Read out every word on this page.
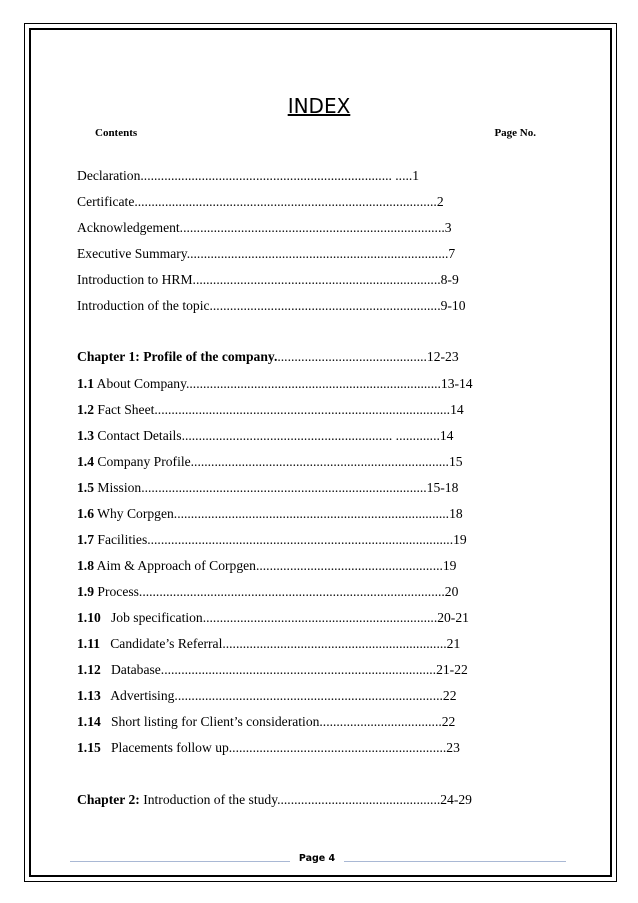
INDEX
Contents	Page No.
Declaration.......................................................................... .....1
Certificate.........................................................................................2
Acknowledgement..............................................................................3
Executive Summary.............................................................................7
Introduction to HRM.........................................................................8-9
Introduction of the topic....................................................................9-10
Chapter 1: Profile of the company.............................................12-23
1.1 About Company...........................................................................13-14
1.2 Fact Sheet.......................................................................................14
1.3 Contact Details.............................................................. .............14
1.4 Company Profile............................................................................15
1.5 Mission....................................................................................15-18
1.6 Why Corpgen.................................................................................18
1.7 Facilities..........................................................................................19
1.8 Aim & Approach of Corpgen.......................................................19
1.9 Process..........................................................................................20
1.10   Job specification.....................................................................20-21
1.11   Candidate’s Referral..................................................................21
1.12   Database.................................................................................21-22
1.13   Advertising...............................................................................22
1.14   Short listing for Client’s consideration....................................22
1.15   Placements follow up................................................................23
Chapter 2: Introduction of the study................................................24-29
Page 4
